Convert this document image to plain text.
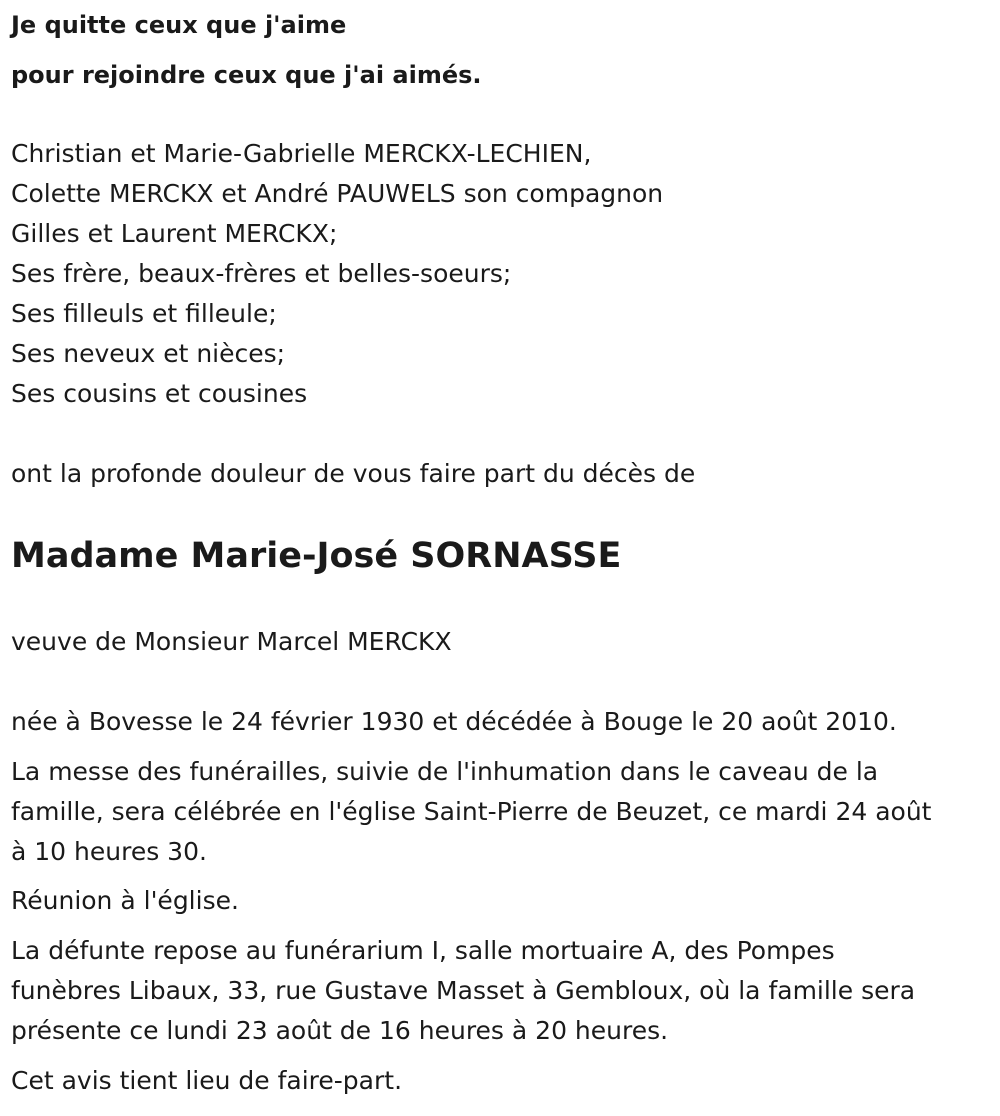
Je quitte ceux que j'aime
pour rejoindre ceux que j'ai aimés.
Christian et Marie-Gabrielle MERCKX-LECHIEN,
Colette MERCKX et André PAUWELS son compagnon
Gilles et Laurent MERCKX;
Ses frère, beaux-frères et belles-soeurs;
Ses filleuls et filleule;
Ses neveux et nièces;
Ses cousins et cousines
ont la profonde douleur de vous faire part du décès de
Madame Marie-José SORNASSE
veuve de Monsieur Marcel MERCKX
née à Bovesse le 24 février 1930 et décédée à Bouge le 20 août 2010.
La messe des funérailles, suivie de l'inhumation dans le caveau de la
famille, sera célébrée en l'église Saint-Pierre de Beuzet, ce mardi 24 août
à 10 heures 30.
Réunion à l'église.
La défunte repose au funérarium I, salle mortuaire A, des Pompes
funèbres Libaux, 33, rue Gustave Masset à Gembloux, où la famille sera
présente ce lundi 23 août de 16 heures à 20 heures.
Cet avis tient lieu de faire-part.
